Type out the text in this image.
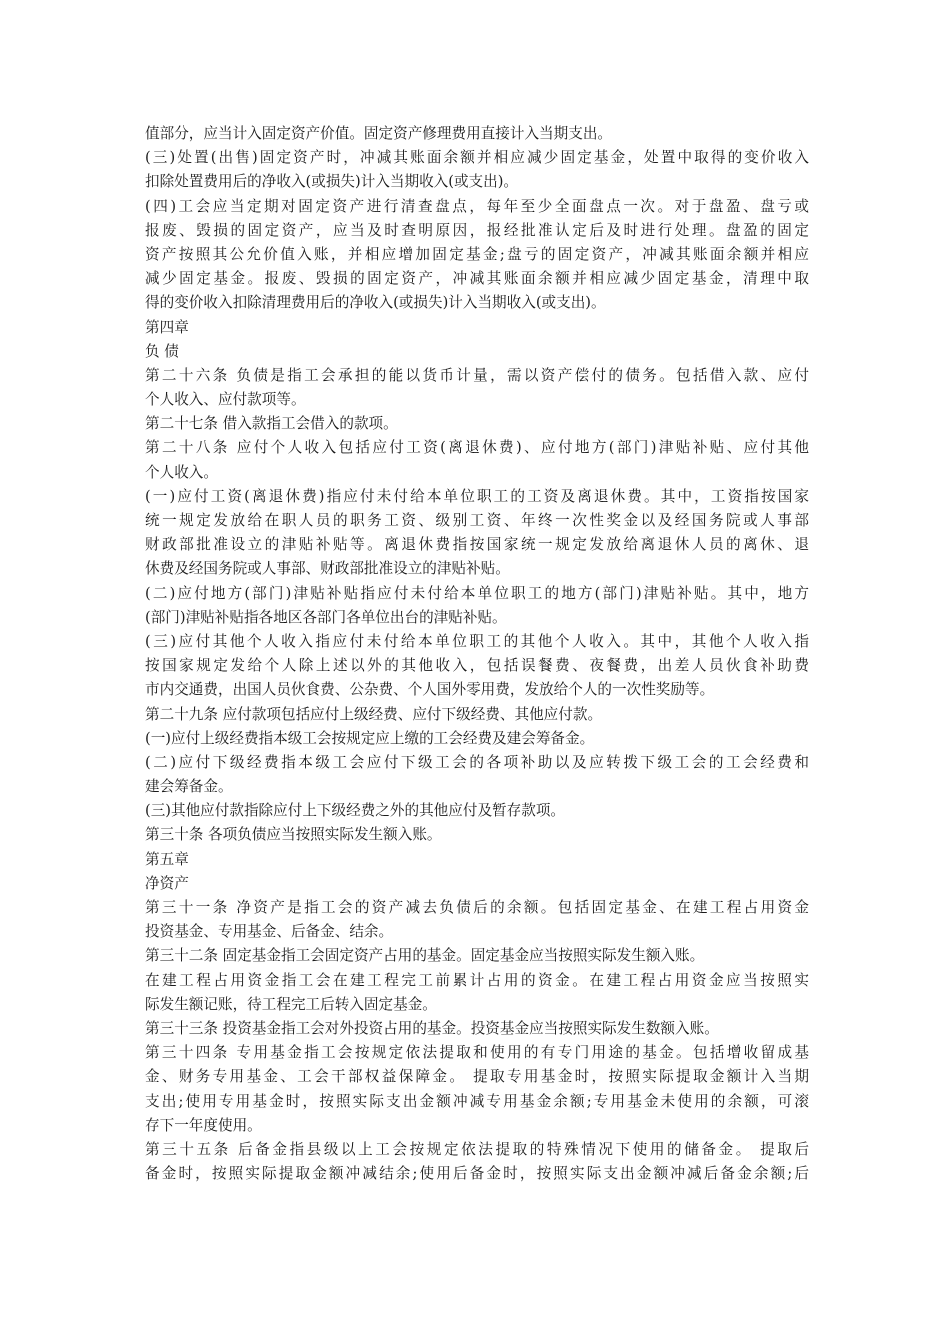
值部分，应当计入固定资产价值。固定资产修理费用直接计入当期支出。
(三)处置(出售)固定资产时，冲减其账面余额并相应减少固定基金，处置中取得的变价收入
扣除处置费用后的净收入(或损失)计入当期收入(或支出)。
(四)工会应当定期对固定资产进行清查盘点，每年至少全面盘点一次。对于盘盈、盘亏或
报废、毁损的固定资产，应当及时查明原因，报经批准认定后及时进行处理。盘盈的固定
资产按照其公允价值入账，并相应增加固定基金;盘亏的固定资产，冲减其账面余额并相应
减少固定基金。报废、毁损的固定资产，冲减其账面余额并相应减少固定基金，清理中取
得的变价收入扣除清理费用后的净收入(或损失)计入当期收入(或支出)。
第四章
负 债
第二十六条 负债是指工会承担的能以货币计量，需以资产偿付的债务。包括借入款、应付
个人收入、应付款项等。
第二十七条 借入款指工会借入的款项。
第二十八条 应付个人收入包括应付工资(离退休费)、应付地方(部门)津贴补贴、应付其他
个人收入。
(一)应付工资(离退休费)指应付未付给本单位职工的工资及离退休费。其中，工资指按国家
统一规定发放给在职人员的职务工资、级别工资、年终一次性奖金以及经国务院或人事部
财政部批准设立的津贴补贴等。离退休费指按国家统一规定发放给离退休人员的离休、退
休费及经国务院或人事部、财政部批准设立的津贴补贴。
(二)应付地方(部门)津贴补贴指应付未付给本单位职工的地方(部门)津贴补贴。其中，地方
(部门)津贴补贴指各地区各部门各单位出台的津贴补贴。
(三)应付其他个人收入指应付未付给本单位职工的其他个人收入。其中，其他个人收入指
按国家规定发给个人除上述以外的其他收入，包括误餐费、夜餐费，出差人员伙食补助费
市内交通费，出国人员伙食费、公杂费、个人国外零用费，发放给个人的一次性奖励等。
第二十九条 应付款项包括应付上级经费、应付下级经费、其他应付款。
(一)应付上级经费指本级工会按规定应上缴的工会经费及建会筹备金。
(二)应付下级经费指本级工会应付下级工会的各项补助以及应转拨下级工会的工会经费和
建会筹备金。
(三)其他应付款指除应付上下级经费之外的其他应付及暂存款项。
第三十条 各项负债应当按照实际发生额入账。
第五章
净资产
第三十一条 净资产是指工会的资产减去负债后的余额。包括固定基金、在建工程占用资金
投资基金、专用基金、后备金、结余。
第三十二条 固定基金指工会固定资产占用的基金。固定基金应当按照实际发生额入账。
在建工程占用资金指工会在建工程完工前累计占用的资金。在建工程占用资金应当按照实
际发生额记账，待工程完工后转入固定基金。
第三十三条 投资基金指工会对外投资占用的基金。投资基金应当按照实际发生数额入账。
第三十四条 专用基金指工会按规定依法提取和使用的有专门用途的基金。包括增收留成基
金、财务专用基金、工会干部权益保障金。 提取专用基金时，按照实际提取金额计入当期
支出;使用专用基金时，按照实际支出金额冲减专用基金余额;专用基金未使用的余额，可滚
存下一年度使用。
第三十五条 后备金指县级以上工会按规定依法提取的特殊情况下使用的储备金。 提取后
备金时，按照实际提取金额冲减结余;使用后备金时，按照实际支出金额冲减后备金余额;后
